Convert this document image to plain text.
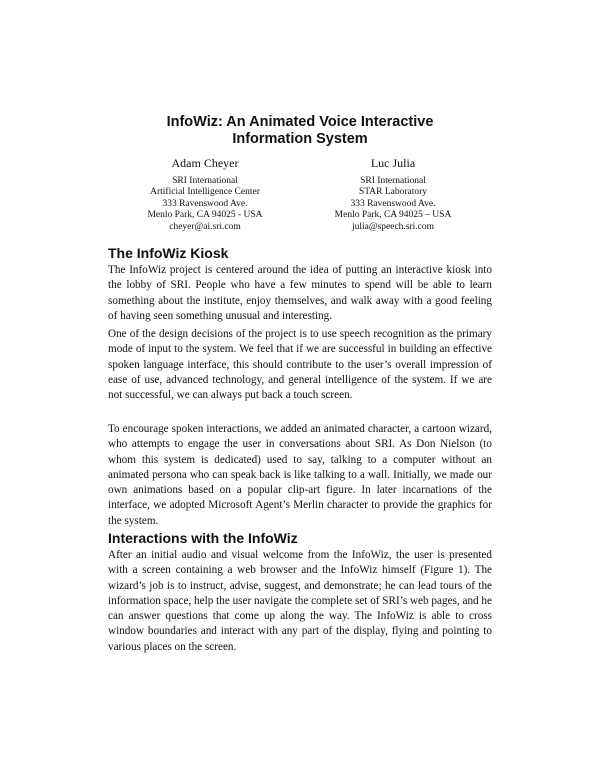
InfoWiz: An Animated Voice Interactive
Information System
Adam Cheyer
SRI International
Artificial Intelligence Center
333 Ravenswood Ave.
Menlo Park, CA 94025 - USA
cheyer@ai.sri.com
Luc Julia
SRI International
STAR Laboratory
333 Ravenswood Ave.
Menlo Park, CA 94025 – USA
julia@speech.sri.com
The InfoWiz Kiosk

The InfoWiz project is centered around the idea of putting an interactive kiosk into the lobby of SRI. People who have a few minutes to spend will be able to learn something about the institute, enjoy themselves, and walk away with a good feeling of having seen something unusual and interesting.

One of the design decisions of the project is to use speech recognition as the primary mode of input to the system. We feel that if we are successful in building an effective spoken language interface, this should contribute to the user’s overall impression of ease of use, advanced technology, and general intelligence of the system. If we are not successful, we can always put back a touch screen.

To encourage spoken interactions, we added an animated character, a cartoon wizard, who attempts to engage the user in conversations about SRI. As Don Nielson (to whom this system is dedicated) used to say, talking to a computer without an animated persona who can speak back is like talking to a wall. Initially, we made our own animations based on a popular clip-art figure. In later incarnations of the interface, we adopted Microsoft Agent’s Merlin character to provide the graphics for the system.

Interactions with the InfoWiz

After an initial audio and visual welcome from the InfoWiz, the user is presented with a screen containing a web browser and the InfoWiz himself (Figure 1). The wizard’s job is to instruct, advise, suggest, and demonstrate; he can lead tours of the information space, help the user navigate the complete set of SRI’s web pages, and he can answer questions that come up along the way. The InfoWiz is able to cross window boundaries and interact with any part of the display, flying and pointing to various places on the screen.
